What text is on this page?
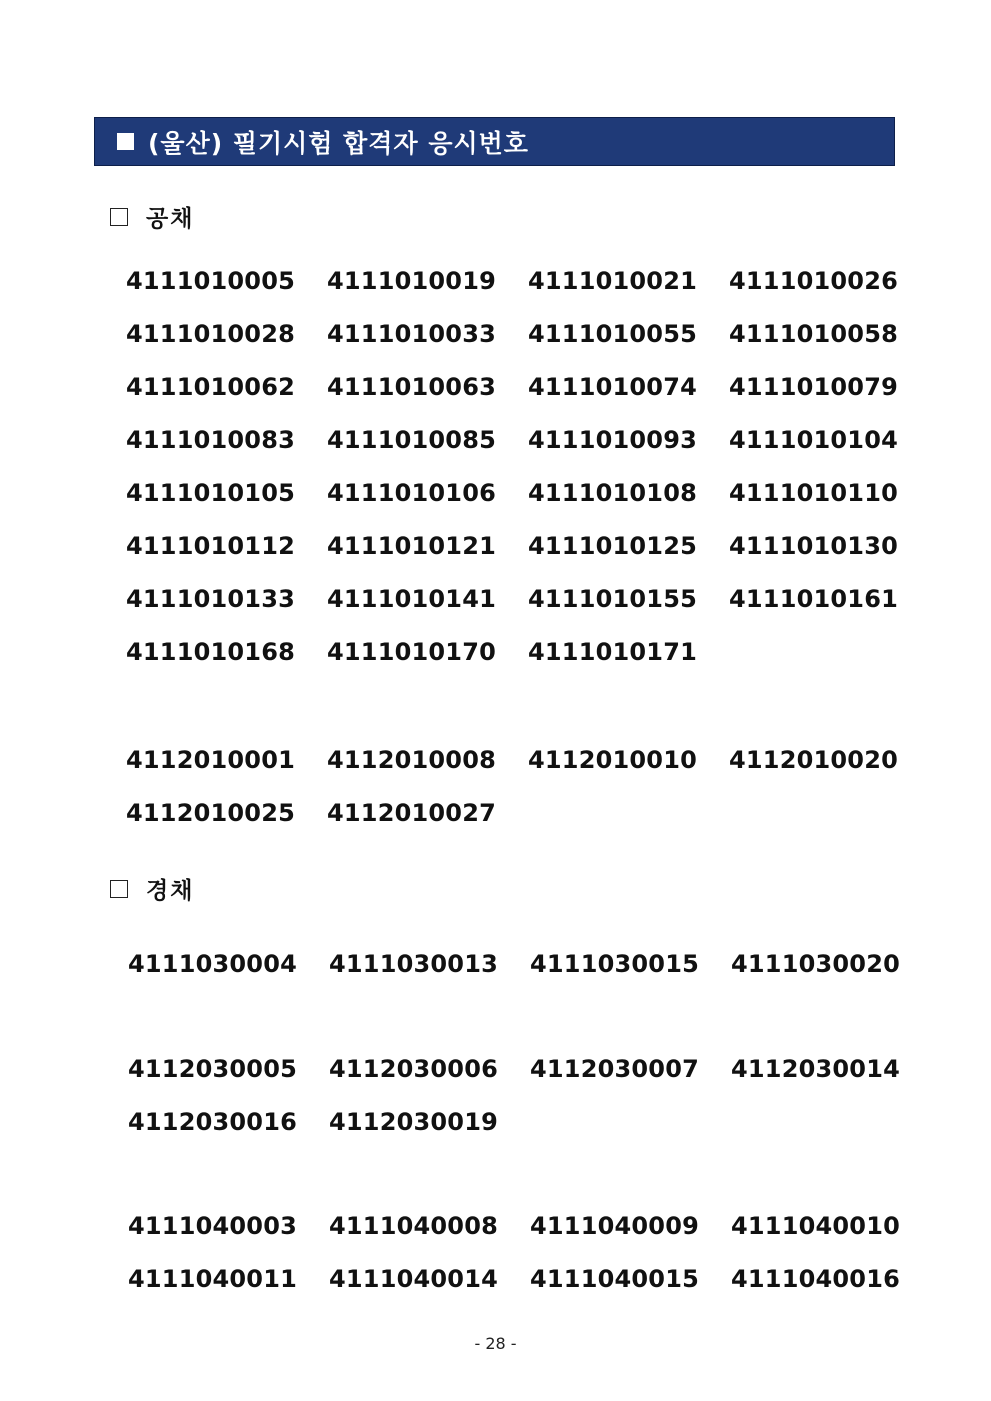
(울산) 필기시험 합격자 응시번호
공채
4111010005	4111010019	4111010021	4111010026
4111010028	4111010033	4111010055	4111010058
4111010062	4111010063	4111010074	4111010079
4111010083	4111010085	4111010093	4111010104
4111010105	4111010106	4111010108	4111010110
4111010112	4111010121	4111010125	4111010130
4111010133	4111010141	4111010155	4111010161
4111010168	4111010170	4111010171
4112010001	4112010008	4112010010	4112010020
4112010025	4112010027
경채
4111030004	4111030013	4111030015	4111030020
4112030005	4112030006	4112030007	4112030014
4112030016	4112030019
4111040003	4111040008	4111040009	4111040010
4111040011	4111040014	4111040015	4111040016
- 28 -
